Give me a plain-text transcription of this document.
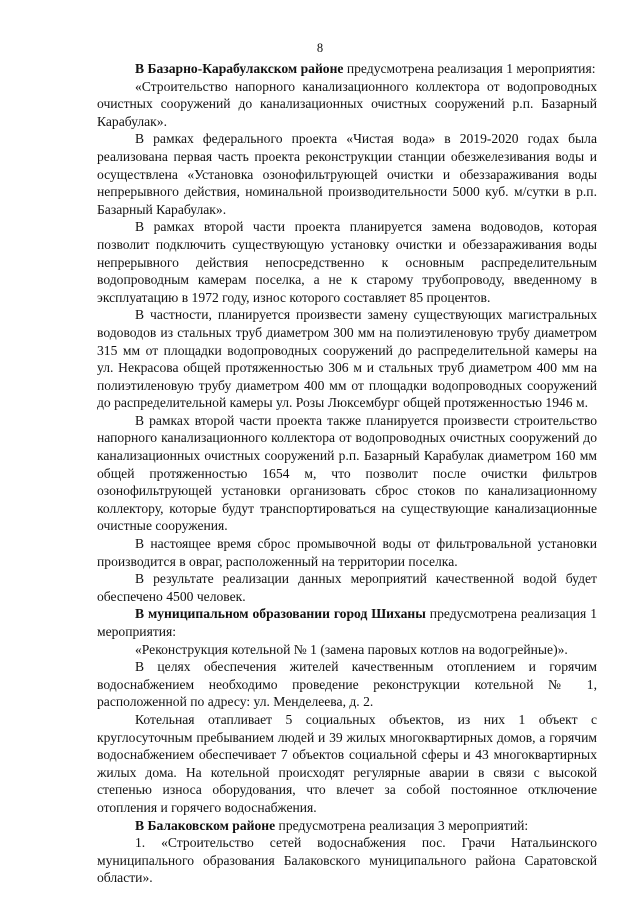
8

В Базарно-Карабулакском районе предусмотрена реализация 1 мероприятия:

«Строительство напорного канализационного коллектора от водопроводных очистных сооружений до канализационных очистных сооружений р.п. Базарный Карабулак».

В рамках федерального проекта «Чистая вода» в 2019-2020 годах была реализована первая часть проекта реконструкции станции обезжелезивания воды и осуществлена «Установка озонофильтрующей очистки и обеззараживания воды непрерывного действия, номинальной производительности 5000 куб. м/сутки в р.п. Базарный Карабулак».

В рамках второй части проекта планируется замена водоводов, которая позволит подключить существующую установку очистки и обеззараживания воды непрерывного действия непосредственно к основным распределительным водопроводным камерам поселка, а не к старому трубопроводу, введенному в эксплуатацию в 1972 году, износ которого составляет 85 процентов.

В частности, планируется произвести замену существующих магистральных водоводов из стальных труб диаметром 300 мм на полиэтиленовую трубу диаметром 315 мм от площадки водопроводных сооружений до распределительной камеры на ул. Некрасова общей протяженностью 306 м и стальных труб диаметром 400 мм на полиэтиленовую трубу диаметром 400 мм от площадки водопроводных сооружений до распределительной камеры ул. Розы Люксембург общей протяженностью 1946 м.

В рамках второй части проекта также планируется произвести строительство напорного канализационного коллектора от водопроводных очистных сооружений до канализационных очистных сооружений р.п. Базарный Карабулак диаметром 160 мм общей протяженностью 1654 м, что позволит после очистки фильтров озонофильтрующей установки организовать сброс стоков по канализационному коллектору, которые будут транспортироваться на существующие канализационные очистные сооружения.

В настоящее время сброс промывочной воды от фильтровальной установки производится в овраг, расположенный на территории поселка.

В результате реализации данных мероприятий качественной водой будет обеспечено 4500 человек.

В муниципальном образовании город Шиханы предусмотрена реализация 1 мероприятия:

«Реконструкция котельной № 1 (замена паровых котлов на водогрейные)».

В целях обеспечения жителей качественным отоплением и горячим водоснабжением необходимо проведение реконструкции котельной № 1, расположенной по адресу: ул. Менделеева, д. 2.

Котельная отапливает 5 социальных объектов, из них 1 объект с круглосуточным пребыванием людей и 39 жилых многоквартирных домов, а горячим водоснабжением обеспечивает 7 объектов социальной сферы и 43 многоквартирных жилых дома. На котельной происходят регулярные аварии в связи с высокой степенью износа оборудования, что влечет за собой постоянное отключение отопления и горячего водоснабжения.

В Балаковском районе предусмотрена реализация 3 мероприятий:

1. «Строительство сетей водоснабжения пос. Грачи Натальинского муниципального образования Балаковского муниципального района Саратовской области».
